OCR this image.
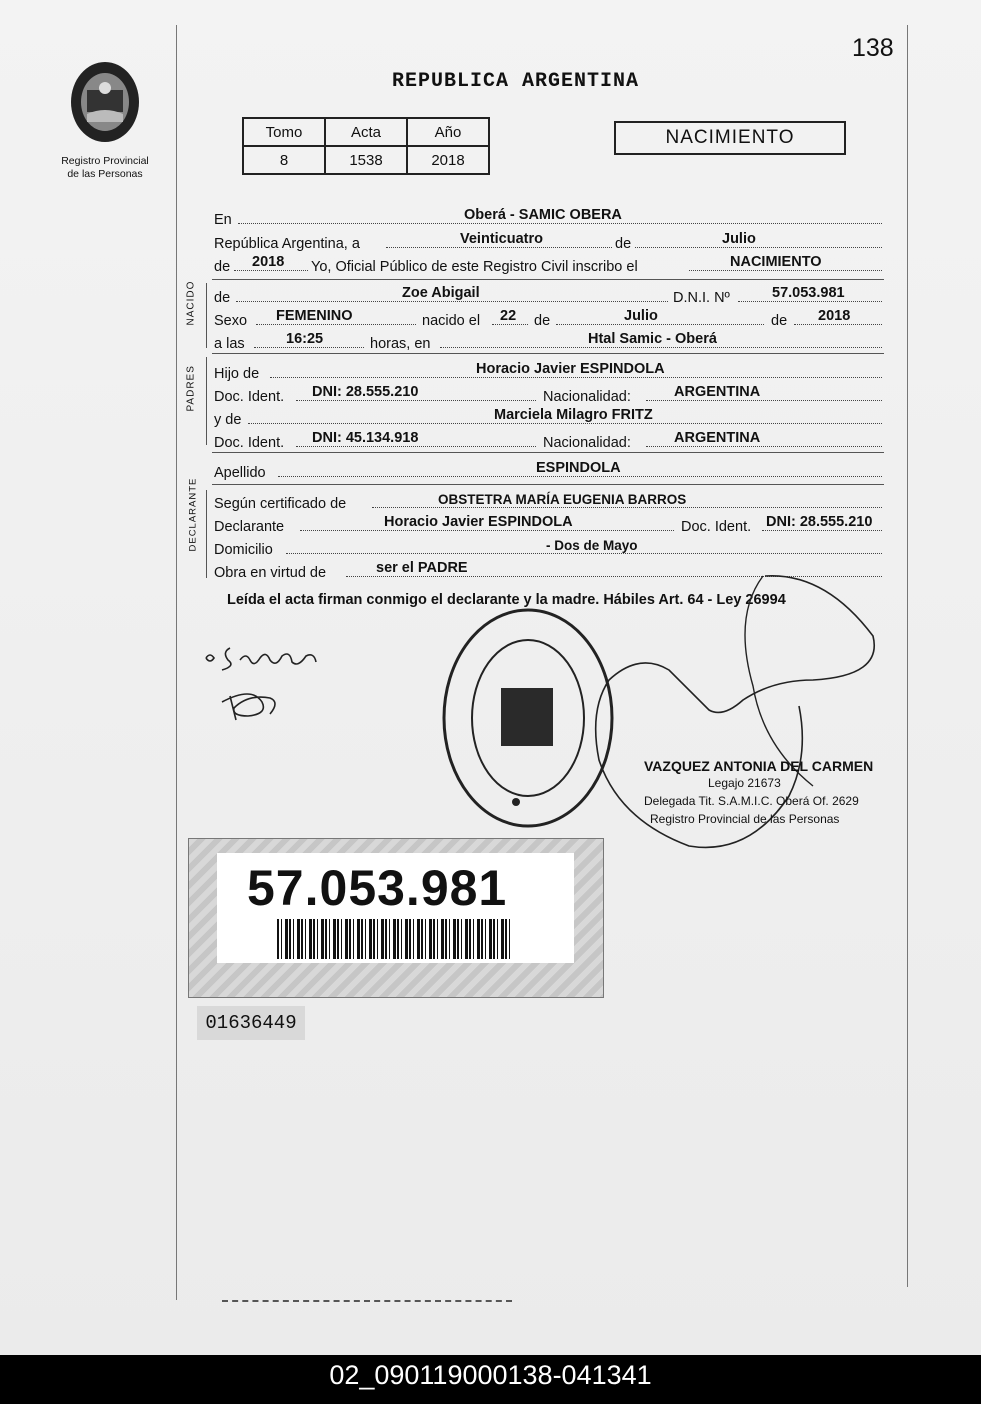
138
Registro Provincial
de las Personas
REPUBLICA ARGENTINA
Tomo	Acta	Año
8	1538	2018
NACIMIENTO
En	Oberá - SAMIC OBERA
República Argentina, a	Veinticuatro	de	Julio
de 2018 Yo, Oficial Público de este Registro Civil inscribo el	NACIMIENTO
NACIDO de	Zoe Abigail	D.N.I. Nº	57.053.981
Sexo FEMENINO	nacido el 22 de	Julio	de 2018
a las	16:25	horas, en	Htal Samic - Oberá
PADRES Hijo de	Horacio Javier ESPINDOLA
Doc. Ident. DNI: 28.555.210	Nacionalidad:	ARGENTINA
y de	Marciela Milagro FRITZ
Doc. Ident. DNI: 45.134.918	Nacionalidad:	ARGENTINA
Apellido	ESPINDOLA
DECLARANTE Según certificado de	OBSTETRA MARÍA EUGENIA BARROS
Declarante	Horacio Javier ESPINDOLA	Doc. Ident. DNI: 28.555.210
Domicilio	- Dos de Mayo
Obra en virtud de	ser el PADRE
Leída el acta firman conmigo el declarante y la madre. Hábiles Art. 64 - Ley 26994
VAZQUEZ ANTONIA DEL CARMEN
Legajo 21673
Delegada Tit. S.A.M.I.C. Oberá Of. 2629
Registro Provincial de las Personas
57.053.981
01636449
02_090119000138-041341
